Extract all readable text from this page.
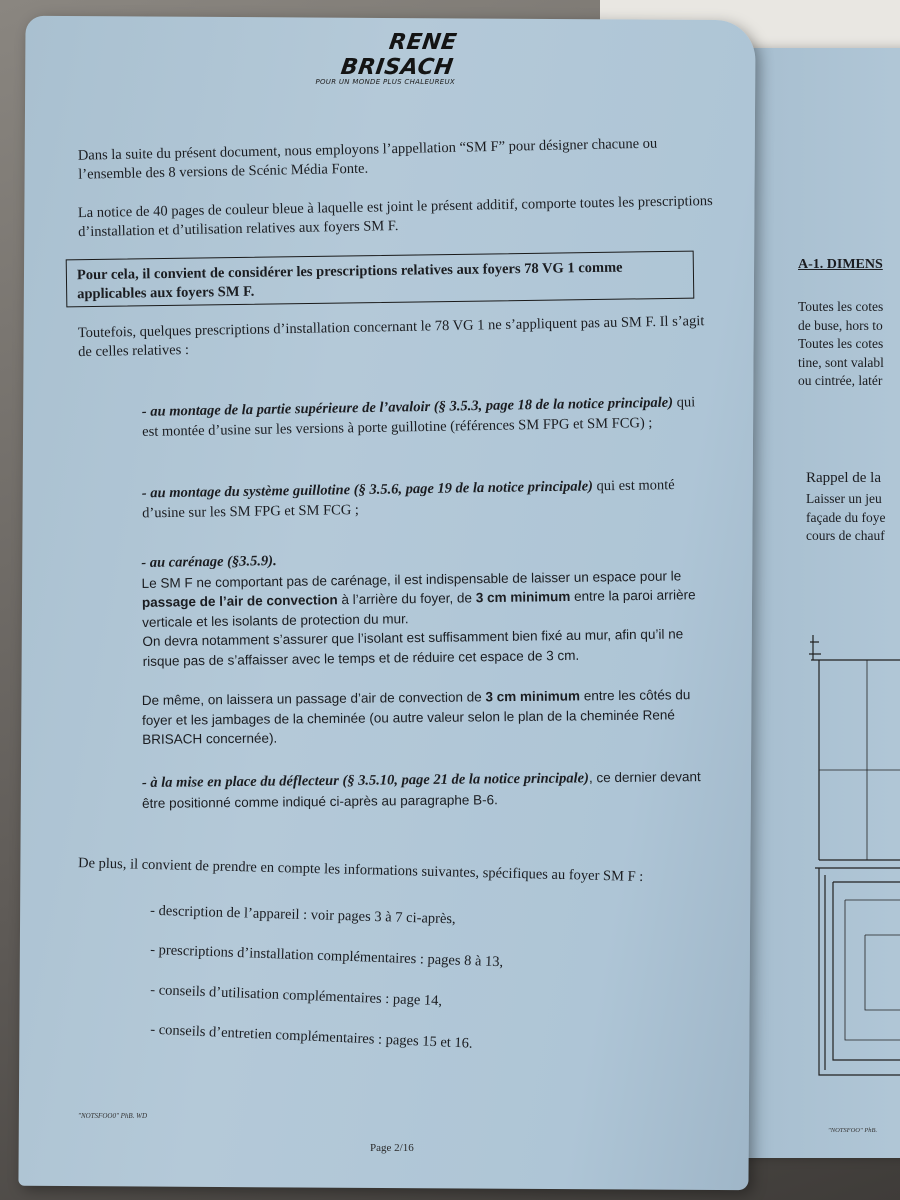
A-1. DIMENS
Toutes les cotes
de buse, hors to
Toutes les cotes
tine, sont valabl
ou cintrée, latér
Rappel de la
Laisser un jeu
façade du foye
cours de chauf
"NOTSFOO" PhB.
RENE BRISACH
POUR UN MONDE PLUS CHALEUREUX
Dans la suite du présent document, nous employons l’appellation “SM F” pour désigner chacune ou l’ensemble des 8 versions de Scénic Média Fonte.
La notice de 40 pages de couleur bleue à laquelle est joint le présent additif, comporte toutes les prescriptions d’installation et d’utilisation relatives aux foyers SM F.
Pour cela, il convient de considérer les prescriptions relatives aux foyers 78 VG 1 comme applicables aux foyers SM F.
Toutefois, quelques prescriptions d’installation concernant le 78 VG 1 ne s’appliquent pas au SM F. Il s’agit de celles relatives :
- au montage de la partie supérieure de l’avaloir (§ 3.5.3, page 18 de la notice principale) qui est montée d’usine sur les versions à porte guillotine (références SM FPG et SM FCG) ;
- au montage du système guillotine (§ 3.5.6, page 19 de la notice principale) qui est monté d’usine sur les SM FPG et SM FCG ;
- au carénage (§3.5.9).
Le SM F ne comportant pas de carénage, il est indispensable de laisser un espace pour le passage de l’air de convection à l’arrière du foyer, de 3 cm minimum entre la paroi arrière verticale et les isolants de protection du mur.
On devra notamment s’assurer que l’isolant est suffisamment bien fixé au mur, afin qu’il ne risque pas de s’affaisser avec le temps et de réduire cet espace de 3 cm.
De même, on laissera un passage d’air de convection de 3 cm minimum entre les côtés du foyer et les jambages de la cheminée (ou autre valeur selon le plan de la cheminée René BRISACH concernée).
- à la mise en place du déflecteur (§ 3.5.10, page 21 de la notice principale), ce dernier devant être positionné comme indiqué ci-après au paragraphe B-6.
De plus, il convient de prendre en compte les informations suivantes, spécifiques au foyer SM F :
- description de l’appareil : voir pages 3 à 7 ci-après,
- prescriptions d’installation complémentaires : pages 8 à 13,
- conseils d’utilisation complémentaires : page 14,
- conseils d’entretien complémentaires : pages 15 et 16.
"NOTSFOO0" PhB. WD
Page 2/16
